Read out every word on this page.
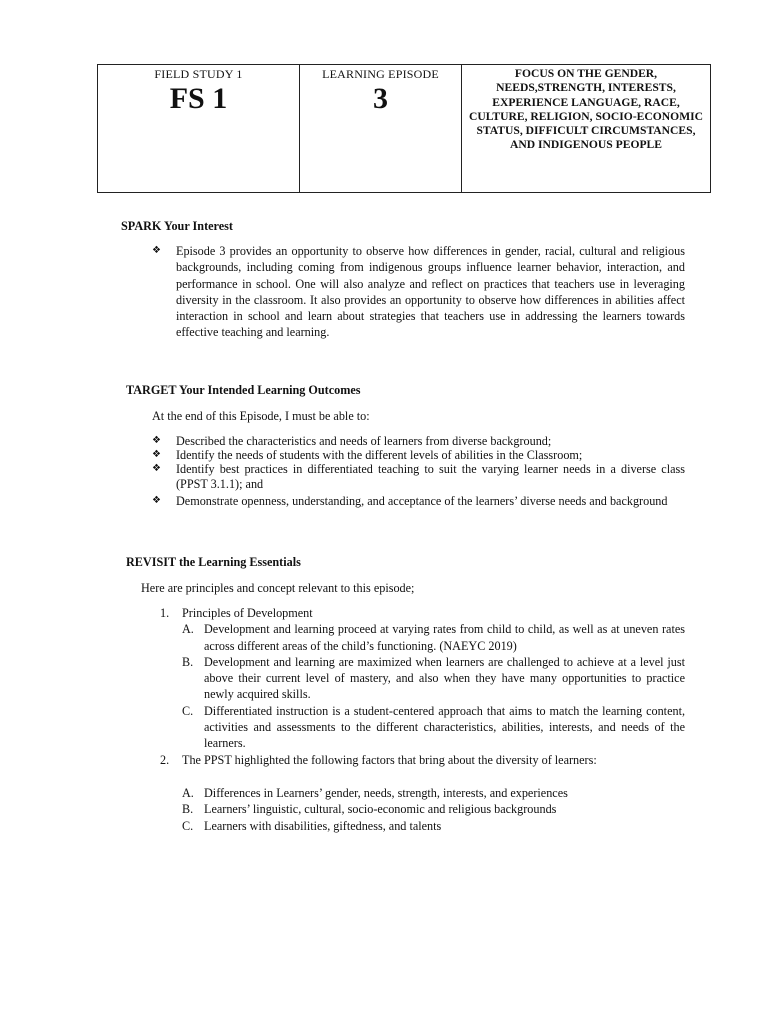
FIELD STUDY 1
FS 1

LEARNING EPISODE
3

FOCUS ON THE GENDER, NEEDS,STRENGTH, INTERESTS, EXPERIENCE LANGUAGE, RACE, CULTURE, RELIGION, SOCIO-ECONOMIC STATUS, DIFFICULT CIRCUMSTANCES, AND INDIGENOUS PEOPLE
SPARK Your Interest
❖ Episode 3 provides an opportunity to observe how differences in gender, racial, cultural and religious backgrounds, including coming from indigenous groups influence learner behavior, interaction, and performance in school. One will also analyze and reflect on practices that teachers use in leveraging diversity in the classroom. It also provides an opportunity to observe how differences in abilities affect interaction in school and learn about strategies that teachers use in addressing the learners towards effective teaching and learning.
TARGET Your Intended Learning Outcomes
At the end of this Episode, I must be able to:
❖ Described the characteristics and needs of learners from diverse background;
❖ Identify the needs of students with the different levels of abilities in the Classroom;
❖ Identify best practices in differentiated teaching to suit the varying learner needs in a diverse class (PPST 3.1.1); and
❖ Demonstrate openness, understanding, and acceptance of the learners’ diverse needs and background
REVISIT the Learning Essentials
Here are principles and concept relevant to this episode;
1. Principles of Development
A. Development and learning proceed at varying rates from child to child, as well as at uneven rates across different areas of the child’s functioning. (NAEYC 2019)
B. Development and learning are maximized when learners are challenged to achieve at a level just above their current level of mastery, and also when they have many opportunities to practice newly acquired skills.
C. Differentiated instruction is a student-centered approach that aims to match the learning content, activities and assessments to the different characteristics, abilities, interests, and needs of the learners.
2. The PPST highlighted the following factors that bring about the diversity of learners:
A. Differences in Learners’ gender, needs, strength, interests, and experiences
B. Learners’ linguistic, cultural, socio-economic and religious backgrounds
C. Learners with disabilities, giftedness, and talents
